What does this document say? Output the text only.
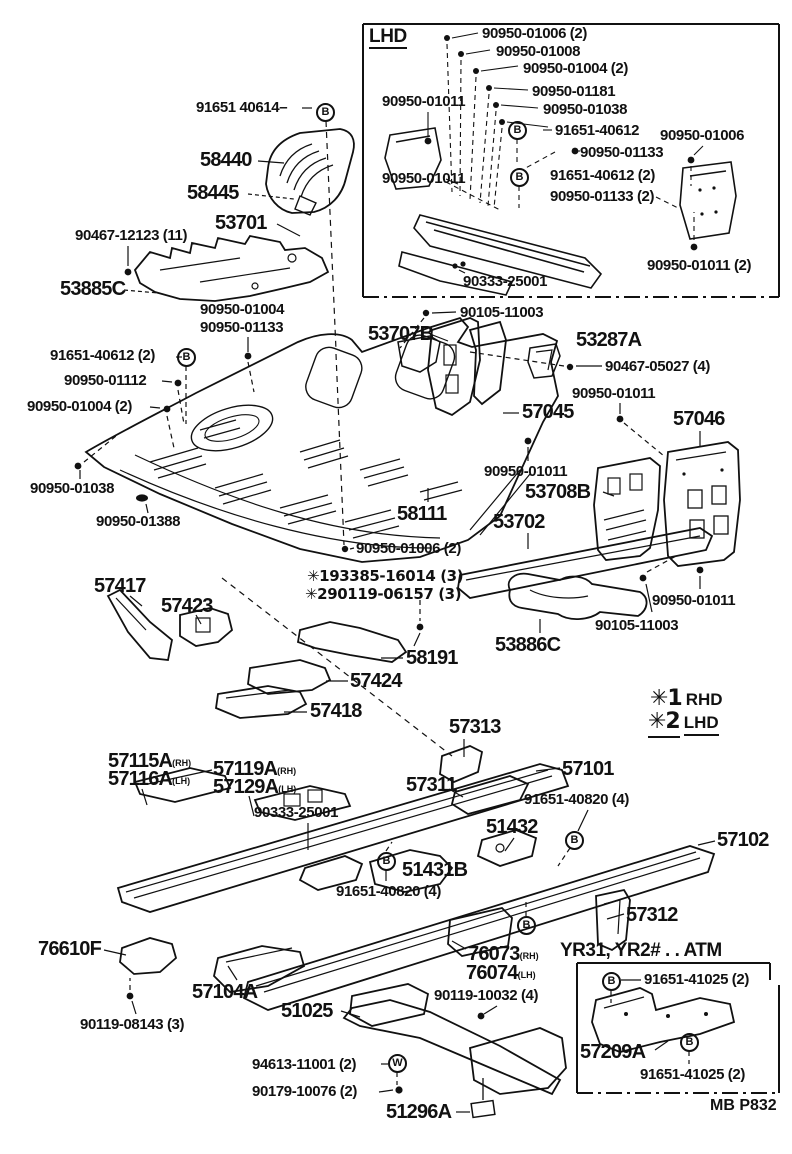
B
B
B
B
B
B
B
B
B
W
91651 40614–
58440
58445
53701
90467-12123 (11)
53885C
90950-01004
90950-01133	53707B
90105-11003
53287A
90467-05027 (4)
91651-40612 (2)
90950-01112
90950-01004 (2)
90950-01011
57045	57046
90950-01038
90950-01388
90950-01011
53708B
58111 53702
90950-01006 (2)
✳193385-16014 (3)
✳290119-06157 (3)	90950-01011
57417
57423
90105-11003
53886C
58191
57424
57418
57313
57101
57311
57115A(RH)
57116A(LH)
57119A(RH)
57129A(LH)
90333-25001
91651-40820 (4)
51432
51431B
91651-40820 (4)
57102
57312
76073(RH)
76074(LH)
90119-10032 (4)
76610F
57104A
90119-08143 (3)
51025
94613-11001 (2)
90179-10076 (2)
51296A
LHD	90950-01006 (2)
90950-01008
90950-01004 (2)
90950-01181
90950-01038
91651-40612
90950-01133
90950-01006
91651-40612 (2)
90950-01133 (2)
90950-01011
90950-01011
90333-25001
90950-01011 (2)
YR31, YR2# . . ATM
91651-41025 (2)
57209A
91651-41025 (2)
✳1 RHD
✳2 LHD
MB P832
